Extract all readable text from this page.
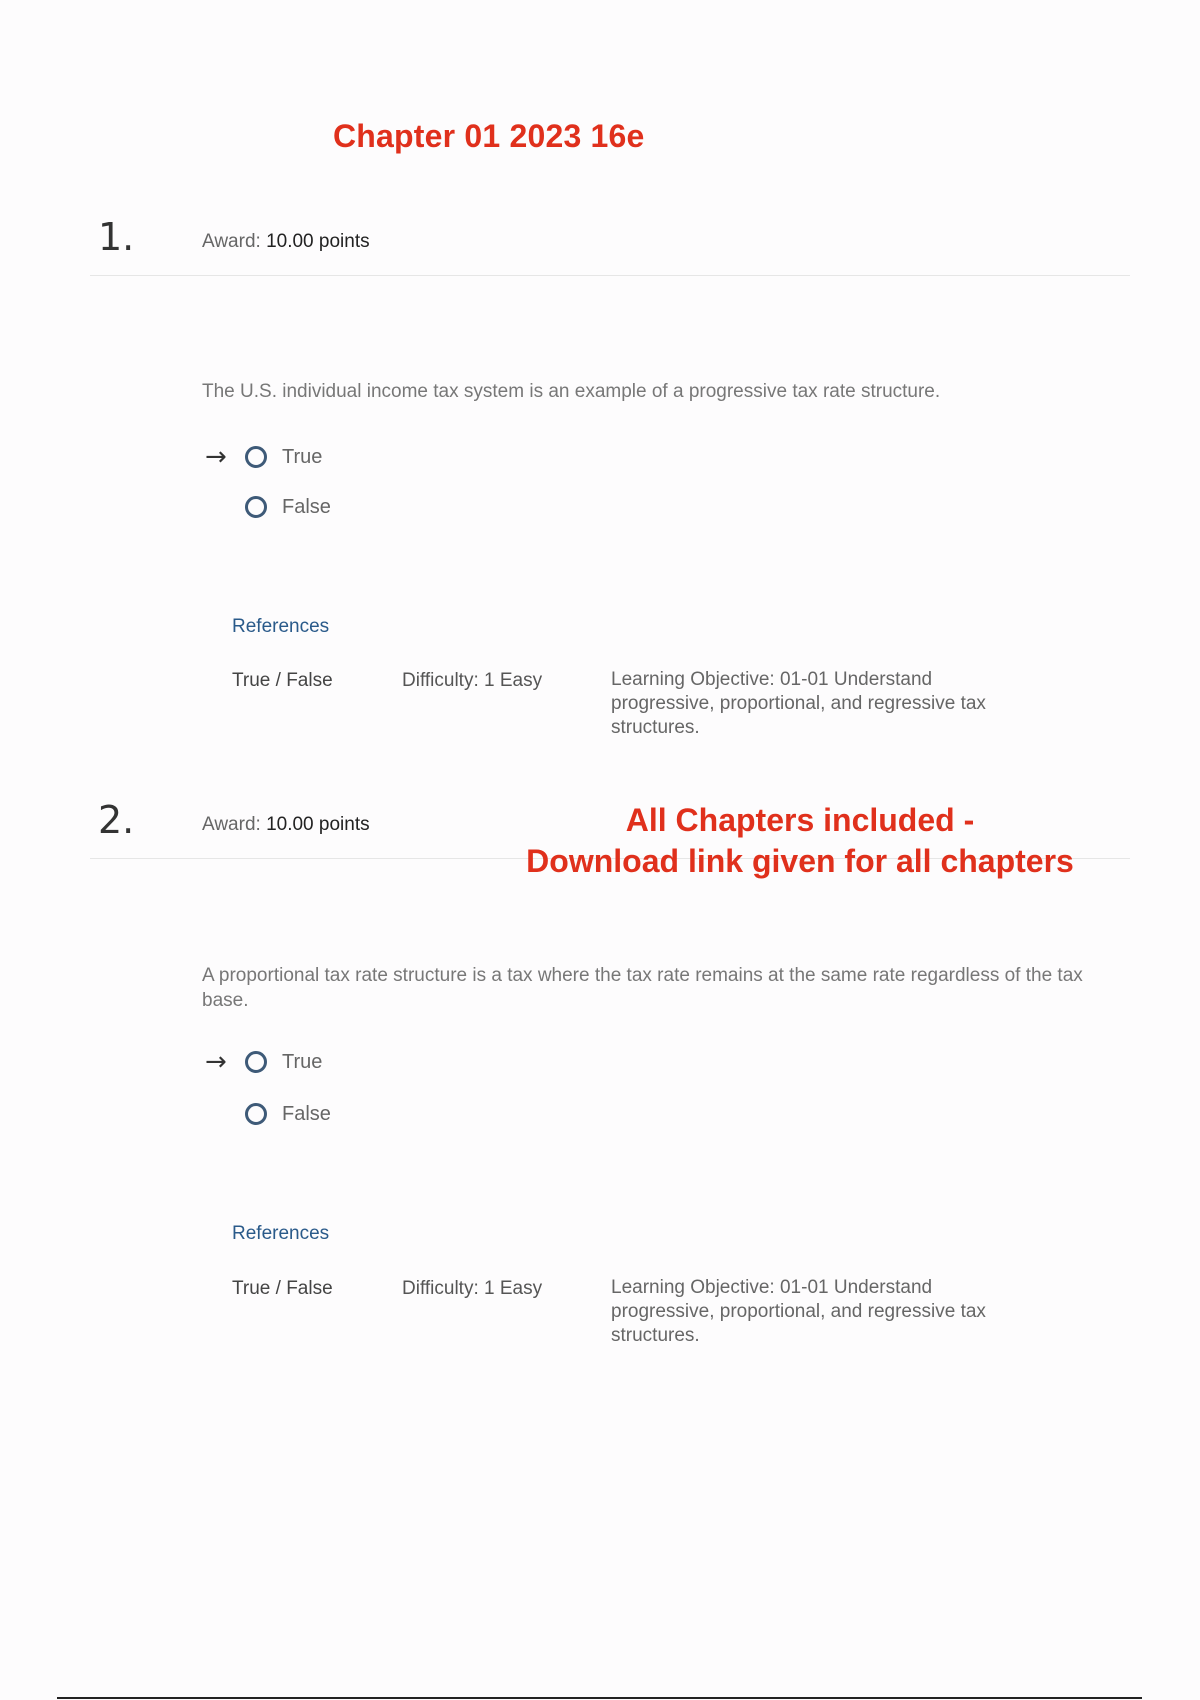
Chapter 01 2023 16e
1.	Award: 10.00 points
The U.S. individual income tax system is an example of a progressive tax rate structure.
→	True
False
References
True / False	Difficulty: 1 Easy	Learning Objective: 01-01 Understand progressive, proportional, and regressive tax structures.
2.	Award: 10.00 points	All Chapters included -
Download link given for all chapters
A proportional tax rate structure is a tax where the tax rate remains at the same rate regardless of the tax base.
→	True
False
References
True / False	Difficulty: 1 Easy	Learning Objective: 01-01 Understand progressive, proportional, and regressive tax structures.
